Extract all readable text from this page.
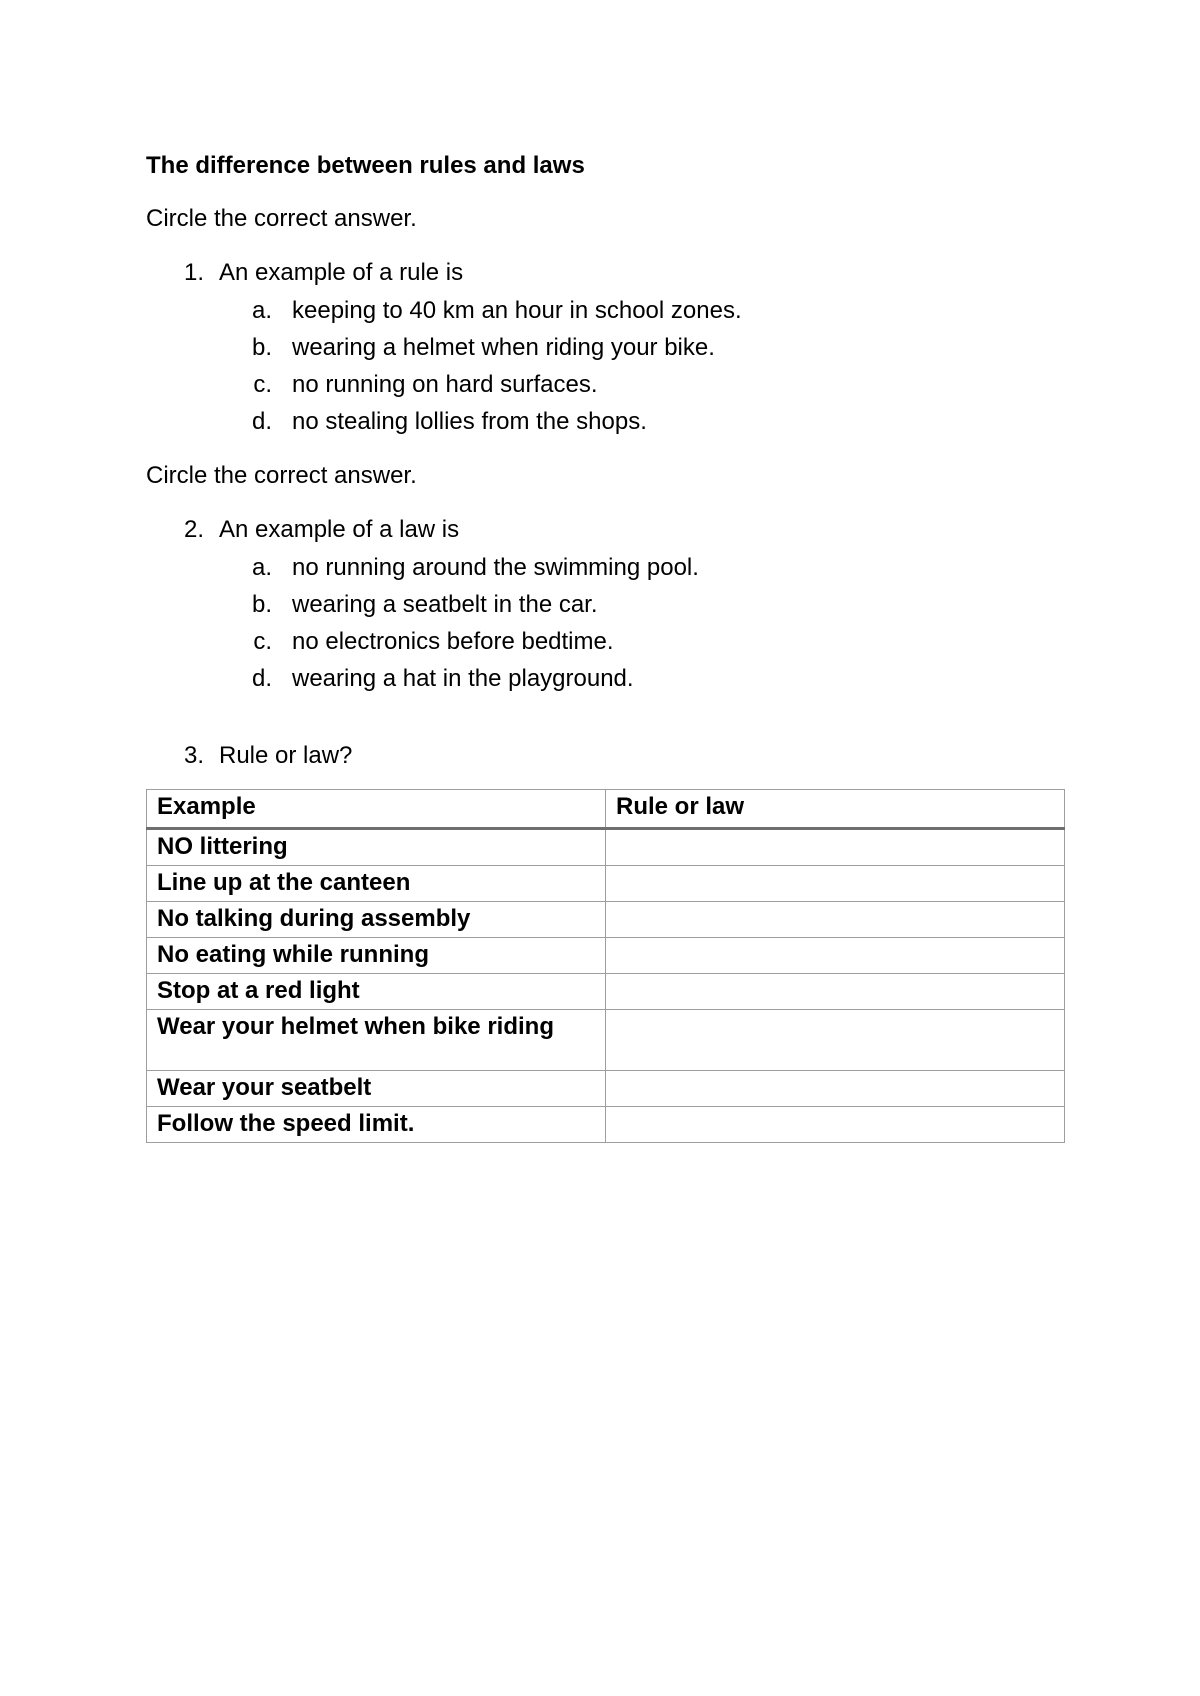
The difference between rules and laws
Circle the correct answer.
1. An example of a rule is
a. keeping to 40 km an hour in school zones.
b. wearing a helmet when riding your bike.
c. no running on hard surfaces.
d. no stealing lollies from the shops.
Circle the correct answer.
2. An example of a law is
a. no running around the swimming pool.
b. wearing a seatbelt in the car.
c. no electronics before bedtime.
d. wearing a hat in the playground.
3. Rule or law?
Example	Rule or law
NO littering	
Line up at the canteen	
No talking during assembly	
No eating while running	
Stop at a red light	
Wear your helmet when bike riding	
Wear your seatbelt	
Follow the speed limit.	
